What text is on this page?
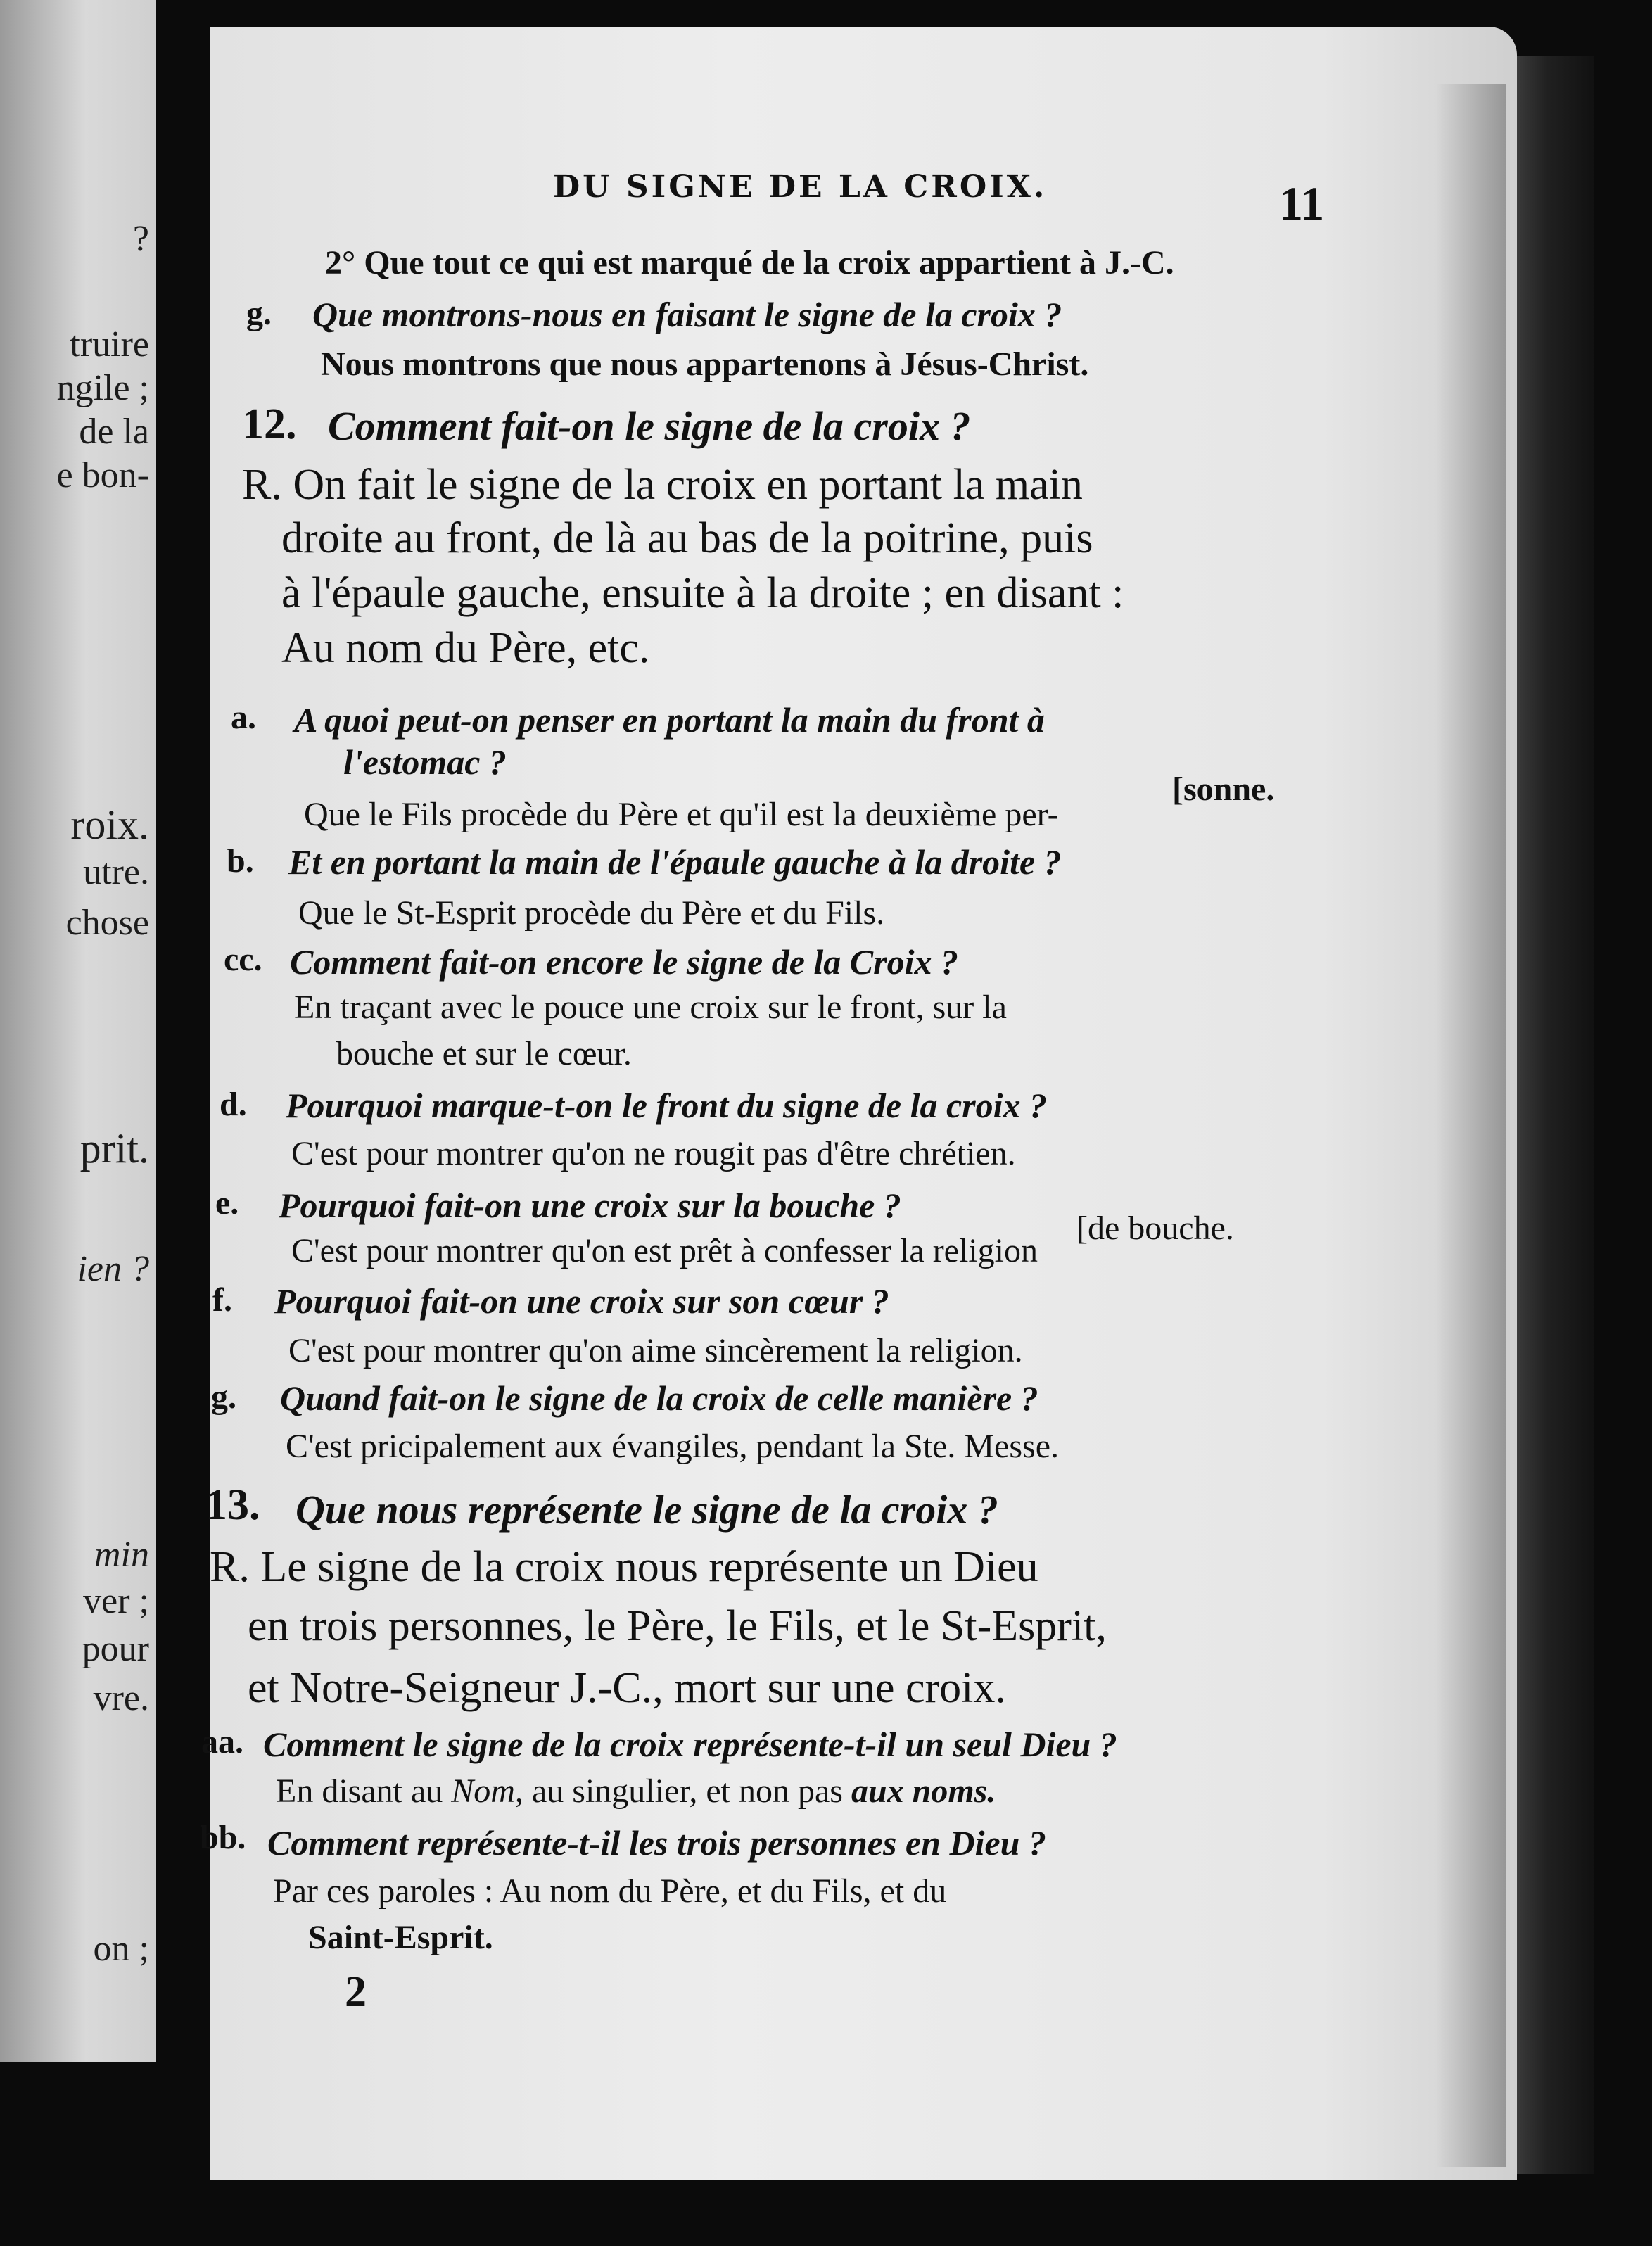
?
truire
ngile ;
de la
e bon-
roix.
utre.
chose
prit.
ien ?
min
ver ;
pour
vre.
on ;
DU SIGNE DE LA CROIX.	11
2° Que tout ce qui est marqué de la croix appartient à J.-C.
g. Que montrons-nous en faisant le signe de la croix ?
Nous montrons que nous appartenons à Jésus-Christ.
12. Comment fait-on le signe de la croix ?
R. On fait le signe de la croix en portant la main
droite au front, de là au bas de la poitrine, puis
à l'épaule gauche, ensuite à la droite ; en disant :
Au nom du Père, etc.
a. A quoi peut-on penser en portant la main du front à
l'estomac ?
[sonne.
Que le Fils procède du Père et qu'il est la deuxième per-
b. Et en portant la main de l'épaule gauche à la droite ?
Que le St-Esprit procède du Père et du Fils.
cc. Comment fait-on encore le signe de la Croix ?
En traçant avec le pouce une croix sur le front, sur la
bouche et sur le cœur.
d. Pourquoi marque-t-on le front du signe de la croix ?
C'est pour montrer qu'on ne rougit pas d'être chrétien.
e. Pourquoi fait-on une croix sur la bouche ?
[de bouche.
C'est pour montrer qu'on est prêt à confesser la religion
f. Pourquoi fait-on une croix sur son cœur ?
C'est pour montrer qu'on aime sincèrement la religion.
g. Quand fait-on le signe de la croix de celle manière ?
C'est pricipalement aux évangiles, pendant la Ste. Messe.
13. Que nous représente le signe de la croix ?
R. Le signe de la croix nous représente un Dieu
en trois personnes, le Père, le Fils, et le St-Esprit,
et Notre-Seigneur J.-C., mort sur une croix.
aa. Comment le signe de la croix représente-t-il un seul Dieu ?
En disant au Nom, au singulier, et non pas aux noms.
bb. Comment représente-t-il les trois personnes en Dieu ?
Par ces paroles : Au nom du Père, et du Fils, et du
Saint-Esprit.
2
